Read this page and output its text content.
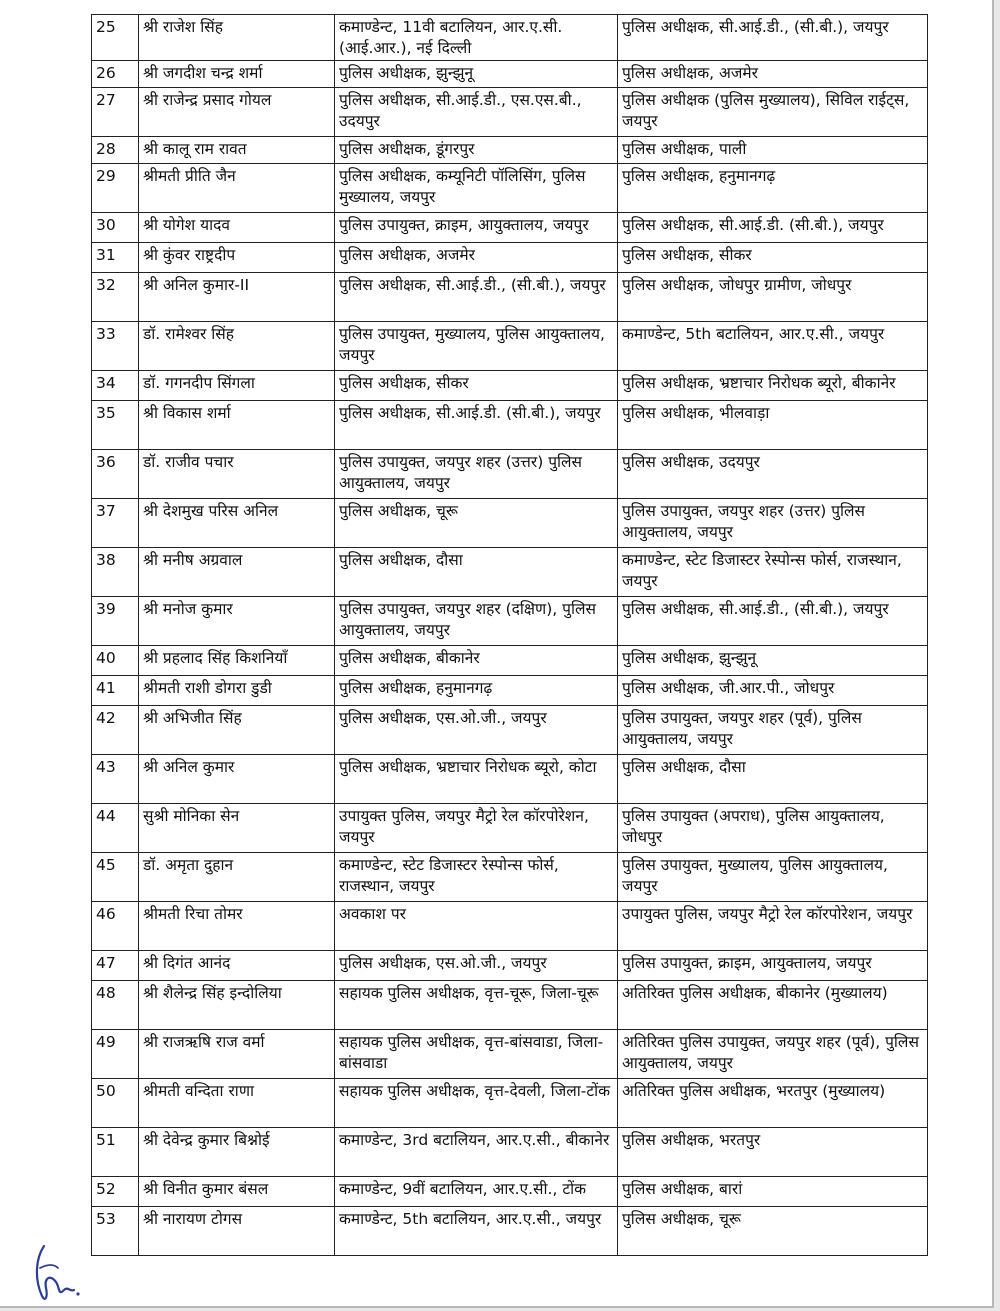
25	श्री राजेश सिंह	कमाण्डेन्ट, 11वी बटालियन, आर.ए.सी.(आई.आर.), नई दिल्ली	पुलिस अधीक्षक, सी.आई.डी., (सी.बी.), जयपुर
26	श्री जगदीश चन्द्र शर्मा	पुलिस अधीक्षक, झुन्झुनू	पुलिस अधीक्षक, अजमेर
27	श्री राजेन्द्र प्रसाद गोयल	पुलिस अधीक्षक, सी.आई.डी., एस.एस.बी., उदयपुर	पुलिस अधीक्षक (पुलिस मुख्यालय), सिविल राईट्स, जयपुर
28	श्री कालू राम रावत	पुलिस अधीक्षक, डूंगरपुर	पुलिस अधीक्षक, पाली
29	श्रीमती प्रीति जैन	पुलिस अधीक्षक, कम्यूनिटी पॉलिसिंग, पुलिस मुख्यालय, जयपुर	पुलिस अधीक्षक, हनुमानगढ़
30	श्री योगेश यादव	पुलिस उपायुक्त, क्राइम, आयुक्तालय, जयपुर	पुलिस अधीक्षक, सी.आई.डी. (सी.बी.), जयपुर
31	श्री कुंवर राष्ट्रदीप	पुलिस अधीक्षक, अजमेर	पुलिस अधीक्षक, सीकर
32	श्री अनिल कुमार-II	पुलिस अधीक्षक, सी.आई.डी., (सी.बी.), जयपुर	पुलिस अधीक्षक, जोधपुर ग्रामीण, जोधपुर
33	डॉ. रामेश्वर सिंह	पुलिस उपायुक्त, मुख्यालय, पुलिस आयुक्तालय, जयपुर	कमाण्डेन्ट, 5th बटालियन, आर.ए.सी., जयपुर
34	डॉ. गगनदीप सिंगला	पुलिस अधीक्षक, सीकर	पुलिस अधीक्षक, भ्रष्टाचार निरोधक ब्यूरो, बीकानेर
35	श्री विकास शर्मा	पुलिस अधीक्षक, सी.आई.डी. (सी.बी.), जयपुर	पुलिस अधीक्षक, भीलवाड़ा
36	डॉ. राजीव पचार	पुलिस उपायुक्त, जयपुर शहर (उत्तर) पुलिस आयुक्तालय, जयपुर	पुलिस अधीक्षक, उदयपुर
37	श्री देशमुख परिस अनिल	पुलिस अधीक्षक, चूरू	पुलिस उपायुक्त, जयपुर शहर (उत्तर) पुलिस आयुक्तालय, जयपुर
38	श्री मनीष अग्रवाल	पुलिस अधीक्षक, दौसा	कमाण्डेन्ट, स्टेट डिजास्टर रेस्पोन्स फोर्स, राजस्थान, जयपुर
39	श्री मनोज कुमार	पुलिस उपायुक्त, जयपुर शहर (दक्षिण), पुलिस आयुक्तालय, जयपुर	पुलिस अधीक्षक, सी.आई.डी., (सी.बी.), जयपुर
40	श्री प्रहलाद सिंह किशनियाँ	पुलिस अधीक्षक, बीकानेर	पुलिस अधीक्षक, झुन्झुनू
41	श्रीमती राशी डोगरा डुडी	पुलिस अधीक्षक, हनुमानगढ़	पुलिस अधीक्षक, जी.आर.पी., जोधपुर
42	श्री अभिजीत सिंह	पुलिस अधीक्षक, एस.ओ.जी., जयपुर	पुलिस उपायुक्त, जयपुर शहर (पूर्व), पुलिस आयुक्तालय, जयपुर
43	श्री अनिल कुमार	पुलिस अधीक्षक, भ्रष्टाचार निरोधक ब्यूरो, कोटा	पुलिस अधीक्षक, दौसा
44	सुश्री मोनिका सेन	उपायुक्त पुलिस, जयपुर मैट्रो रेल कॉरपोरेशन, जयपुर	पुलिस उपायुक्त (अपराध), पुलिस आयुक्तालय, जोधपुर
45	डॉ. अमृता दुहान	कमाण्डेन्ट, स्टेट डिजास्टर रेस्पोन्स फोर्स, राजस्थान, जयपुर	पुलिस उपायुक्त, मुख्यालय, पुलिस आयुक्तालय, जयपुर
46	श्रीमती रिचा तोमर	अवकाश पर	उपायुक्त पुलिस, जयपुर मैट्रो रेल कॉरपोरेशन, जयपुर
47	श्री दिगंत आनंद	पुलिस अधीक्षक, एस.ओ.जी., जयपुर	पुलिस उपायुक्त, क्राइम, आयुक्तालय, जयपुर
48	श्री शैलेन्द्र सिंह इन्दोलिया	सहायक पुलिस अधीक्षक, वृत्त-चूरू, जिला-चूरू	अतिरिक्त पुलिस अधीक्षक, बीकानेर (मुख्यालय)
49	श्री राजऋषि राज वर्मा	सहायक पुलिस अधीक्षक, वृत्त-बांसवाडा, जिला-बांसवाडा	अतिरिक्त पुलिस उपायुक्त, जयपुर शहर (पूर्व), पुलिस आयुक्तालय, जयपुर
50	श्रीमती वन्दिता राणा	सहायक पुलिस अधीक्षक, वृत्त-देवली, जिला-टोंक	अतिरिक्त पुलिस अधीक्षक, भरतपुर (मुख्यालय)
51	श्री देवेन्द्र कुमार बिश्नोई	कमाण्डेन्ट, 3rd बटालियन, आर.ए.सी., बीकानेर	पुलिस अधीक्षक, भरतपुर
52	श्री विनीत कुमार बंसल	कमाण्डेन्ट, 9वीं बटालियन, आर.ए.सी., टोंक	पुलिस अधीक्षक, बारां
53	श्री नारायण टोगस	कमाण्डेन्ट, 5th बटालियन, आर.ए.सी., जयपुर	पुलिस अधीक्षक, चूरू
